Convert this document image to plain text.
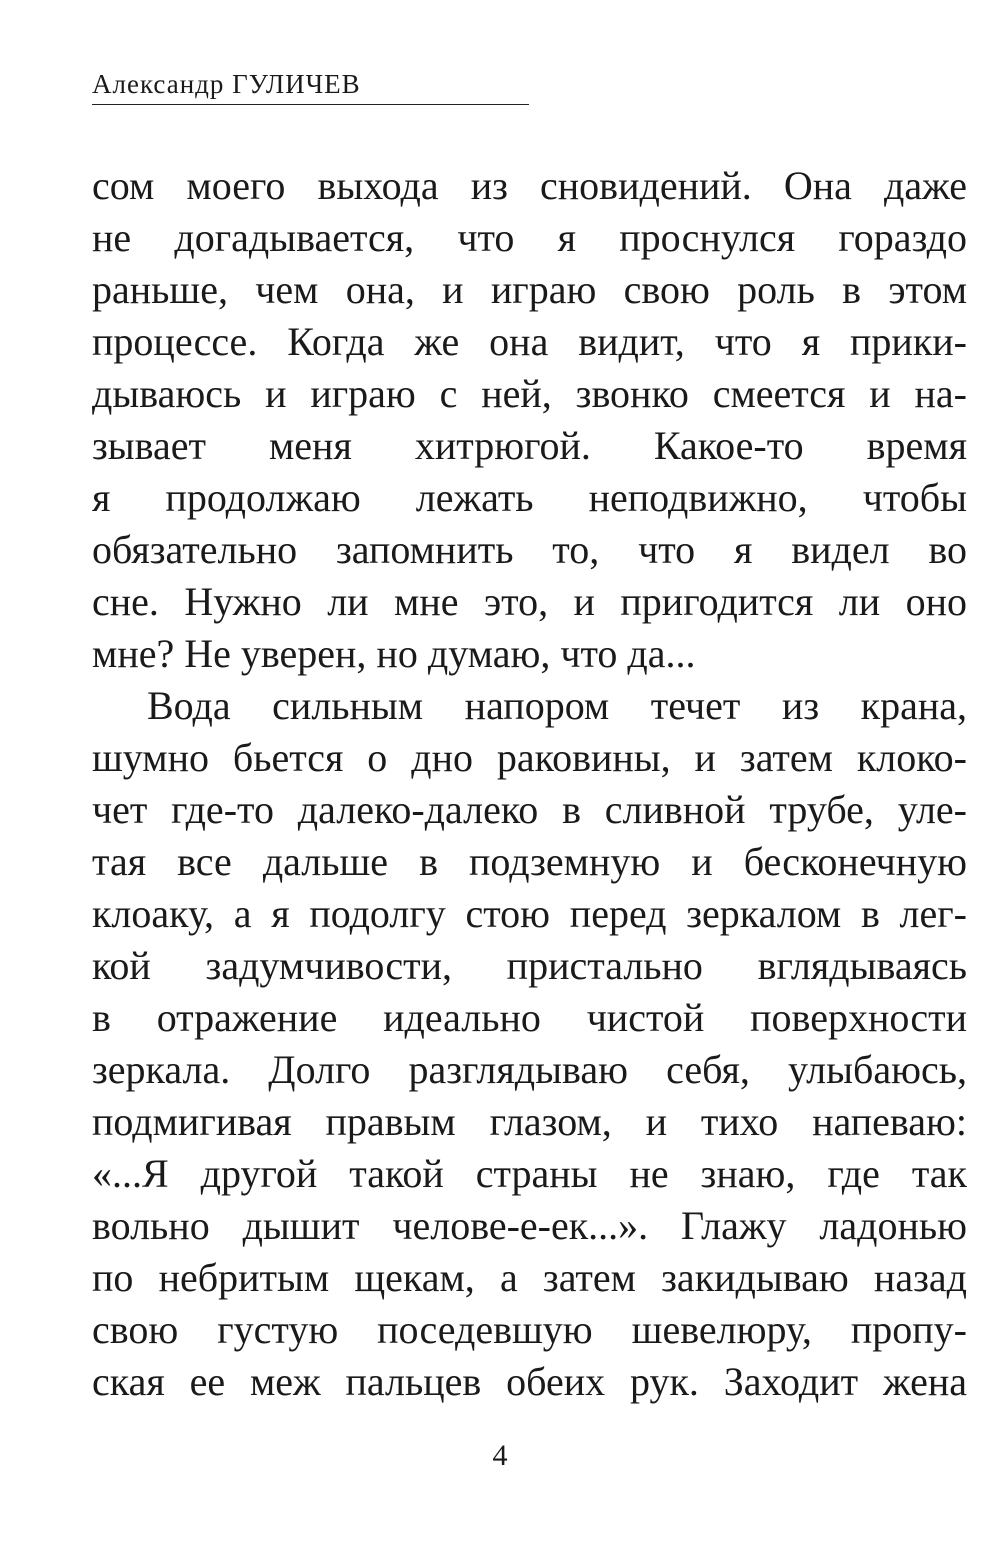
Александр ГУЛИЧЕВ
сом моего выхода из сновидений. Она даже
не догадывается, что я проснулся гораздо
раньше, чем она, и играю свою роль в этом
процессе. Когда же она видит, что я прики-
дываюсь и играю с ней, звонко смеется и на-
зывает меня хитрюгой. Какое-то время
я продолжаю лежать неподвижно, чтобы
обязательно запомнить то, что я видел во
сне. Нужно ли мне это, и пригодится ли оно
мне? Не уверен, но думаю, что да...
Вода сильным напором течет из крана,
шумно бьется о дно раковины, и затем клоко-
чет где-то далеко-далеко в сливной трубе, уле-
тая все дальше в подземную и бесконечную
клоаку, а я подолгу стою перед зеркалом в лег-
кой задумчивости, пристально вглядываясь
в отражение идеально чистой поверхности
зеркала. Долго разглядываю себя, улыбаюсь,
подмигивая правым глазом, и тихо напеваю:
«...Я другой такой страны не знаю, где так
вольно дышит челове-е-ек...». Глажу ладонью
по небритым щекам, а затем закидываю назад
свою густую поседевшую шевелюру, пропу-
ская ее меж пальцев обеих рук. Заходит жена
4
